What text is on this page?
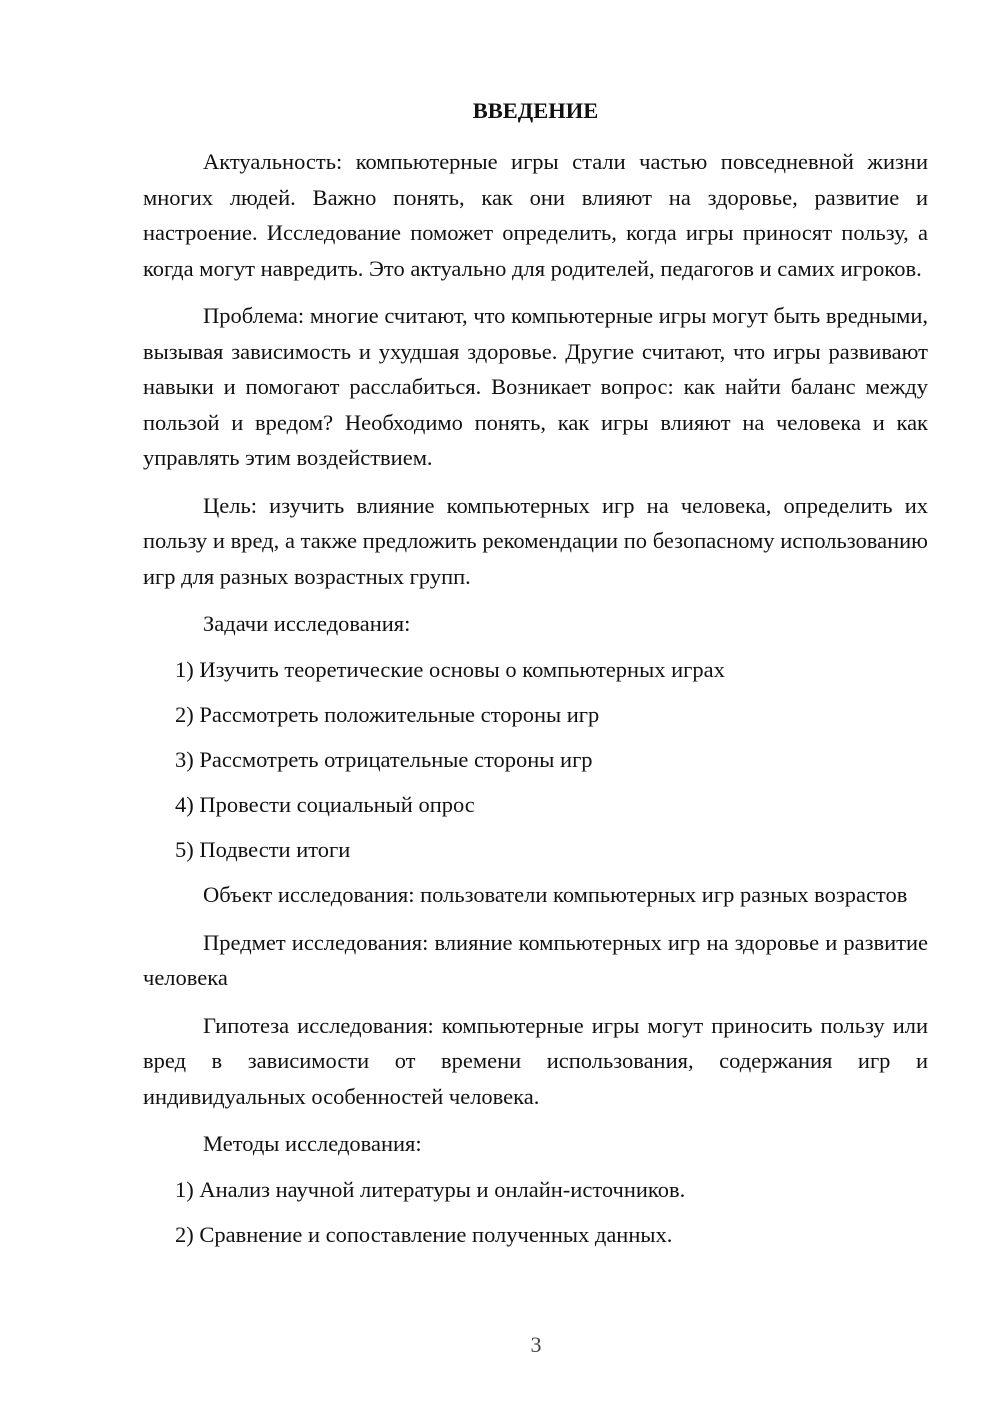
ВВЕДЕНИЕ

Актуальность: компьютерные игры стали частью повседневной жизни многих людей. Важно понять, как они влияют на здоровье, развитие и настроение. Исследование поможет определить, когда игры приносят пользу, а когда могут навредить. Это актуально для родителей, педагогов и самих игроков.

Проблема: многие считают, что компьютерные игры могут быть вредными, вызывая зависимость и ухудшая здоровье. Другие считают, что игры развивают навыки и помогают расслабиться. Возникает вопрос: как найти баланс между пользой и вредом? Необходимо понять, как игры влияют на человека и как управлять этим воздействием.

Цель: изучить влияние компьютерных игр на человека, определить их пользу и вред, а также предложить рекомендации по безопасному использованию игр для разных возрастных групп.

Задачи исследования:

1) Изучить теоретические основы о компьютерных играх
2) Рассмотреть положительные стороны игр
3) Рассмотреть отрицательные стороны игр
4) Провести социальный опрос
5) Подвести итоги

Объект исследования: пользователи компьютерных игр разных возрастов

Предмет исследования: влияние компьютерных игр на здоровье и развитие человека

Гипотеза исследования: компьютерные игры могут приносить пользу или вред в зависимости от времени использования, содержания игр и индивидуальных особенностей человека.

Методы исследования:

1) Анализ научной литературы и онлайн-источников.
2) Сравнение и сопоставление полученных данных.
3
